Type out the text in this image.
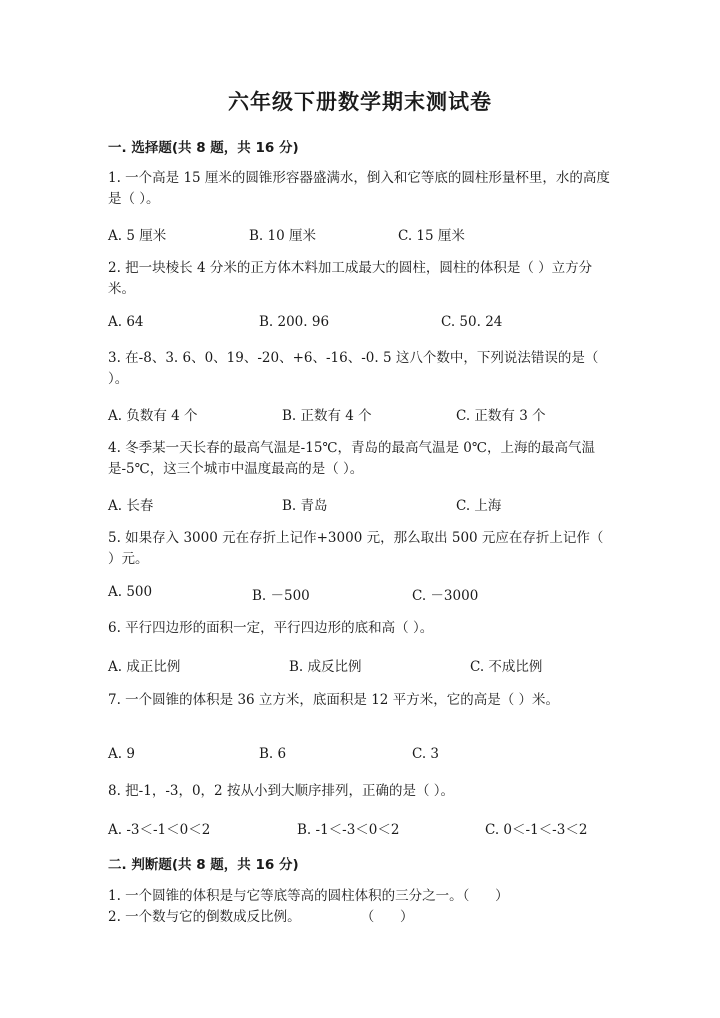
六年级下册数学期末测试卷
一. 选择题(共 8 题，共 16 分)
1. 一个高是 15 厘米的圆锥形容器盛满水，倒入和它等底的圆柱形量杯里，水的高度是（ ）。
A. 5 厘米	B. 10 厘米	C. 15 厘米
2. 把一块棱长 4 分米的正方体木料加工成最大的圆柱，圆柱的体积是（ ）立方分米。
A. 64	B. 200. 96	C. 50. 24
3. 在-8、3. 6、0、19、-20、+6、-16、-0. 5 这八个数中，下列说法错误的是（ ）。
A. 负数有 4 个	B. 正数有 4 个	C. 正数有 3 个
4. 冬季某一天长春的最高气温是-15℃，青岛的最高气温是 0℃，上海的最高气温是-5℃，这三个城市中温度最高的是（ ）。
A. 长春	B. 青岛	C. 上海
5. 如果存入 3000 元在存折上记作+3000 元，那么取出 500 元应在存折上记作（ ）元。
A. 500	B. －500	C. －3000
6. 平行四边形的面积一定，平行四边形的底和高（ ）。
A. 成正比例	B. 成反比例	C. 不成比例
7. 一个圆锥的体积是 36 立方米，底面积是 12 平方米，它的高是（ ）米。
A. 9	B. 6	C. 3
8. 把-1，-3，0，2 按从小到大顺序排列，正确的是（ ）。
A. -3＜-1＜0＜2	B. -1＜-3＜0＜2	C. 0＜-1＜-3＜2
二. 判断题(共 8 题，共 16 分)
1. 一个圆锥的体积是与它等底等高的圆柱体积的三分之一。（      ）
2. 一个数与它的倒数成反比例。              （      ）
